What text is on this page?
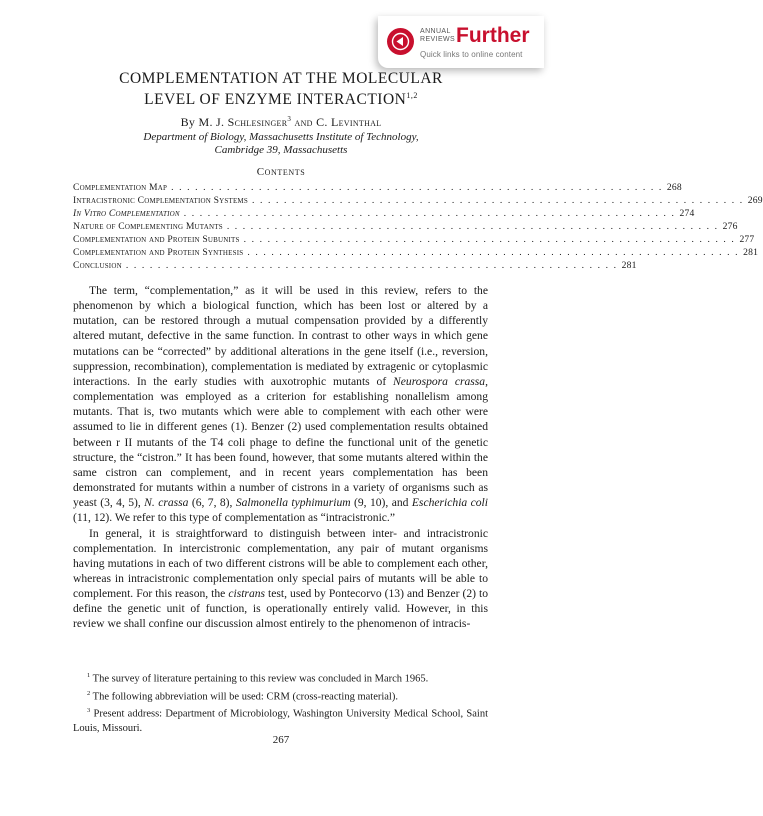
ANNUAL
REVIEWS Further
Quick links to online content
COMPLEMENTATION AT THE MOLECULAR
LEVEL OF ENZYME INTERACTION$^{1,2}$
By M. J. Schlesinger$^3$ and C. Levinthal
Department of Biology, Massachusetts Institute of Technology,
Cambridge 39, Massachusetts
Contents
Complementation Map . . . . . . . . . . . . . . . . . . . . . . . . . . . . . . . . . . . . . . . . . . . . . . . . . . . . . . . . . . . . . . 268
Intracistronic Complementation Systems . . . . . . . . . . . . . . . . . . . . . . . . . . . . . . . . . . . . . . . . . . . . . . . . . . . . . . . . . . . . . . 269
In Vitro Complementation . . . . . . . . . . . . . . . . . . . . . . . . . . . . . . . . . . . . . . . . . . . . . . . . . . . . . . . . . . . . . . 274
Nature of Complementing Mutants . . . . . . . . . . . . . . . . . . . . . . . . . . . . . . . . . . . . . . . . . . . . . . . . . . . . . . . . . . . . . . 276
Complementation and Protein Subunits . . . . . . . . . . . . . . . . . . . . . . . . . . . . . . . . . . . . . . . . . . . . . . . . . . . . . . . . . . . . . . 277
Complementation and Protein Synthesis . . . . . . . . . . . . . . . . . . . . . . . . . . . . . . . . . . . . . . . . . . . . . . . . . . . . . . . . . . . . . . 281
Conclusion . . . . . . . . . . . . . . . . . . . . . . . . . . . . . . . . . . . . . . . . . . . . . . . . . . . . . . . . . . . . . . 281

The term, “complementation,” as it will be used in this review, refers to the phenomenon by which a biological function, which has been lost or altered by a mutation, can be restored through a mutual compensation provided by a differently altered mutant, defective in the same function. In contrast to other ways in which gene mutations can be “corrected” by additional alterations in the gene itself (i.e., reversion, suppression, recombination), complementation is mediated by extragenic or cytoplasmic interactions. In the early studies with auxotrophic mutants of Neurospora crassa, complementation was employed as a criterion for establishing nonallelism among mutants. That is, two mutants which were able to complement with each other were assumed to lie in different genes (1). Benzer (2) used complementation results obtained between r II mutants of the T4 coli phage to define the functional unit of the genetic structure, the “cistron.” It has been found, however, that some mutants altered within the same cistron can complement, and in recent years complementation has been demonstrated for mutants within a number of cistrons in a variety of organisms such as yeast (3, 4, 5), N. crassa (6, 7, 8), Salmonella typhimurium (9, 10), and Escherichia coli (11, 12). We refer to this type of complementation as “intracistronic.”

In general, it is straightforward to distinguish between inter- and intracistronic complementation. In intercistronic complementation, any pair of mutant organisms having mutations in each of two different cistrons will be able to complement each other, whereas in intracistronic complementation only special pairs of mutants will be able to complement. For this reason, the cistrans test, used by Pontecorvo (13) and Benzer (2) to define the genetic unit of function, is operationally entirely valid. However, in this review we shall confine our discussion almost entirely to the phenomenon of intracis-

$^1$ The survey of literature pertaining to this review was concluded in March 1965.

$^2$ The following abbreviation will be used: CRM (cross-reacting material).

$^3$ Present address: Department of Microbiology, Washington University Medical School, Saint Louis, Missouri.

267
